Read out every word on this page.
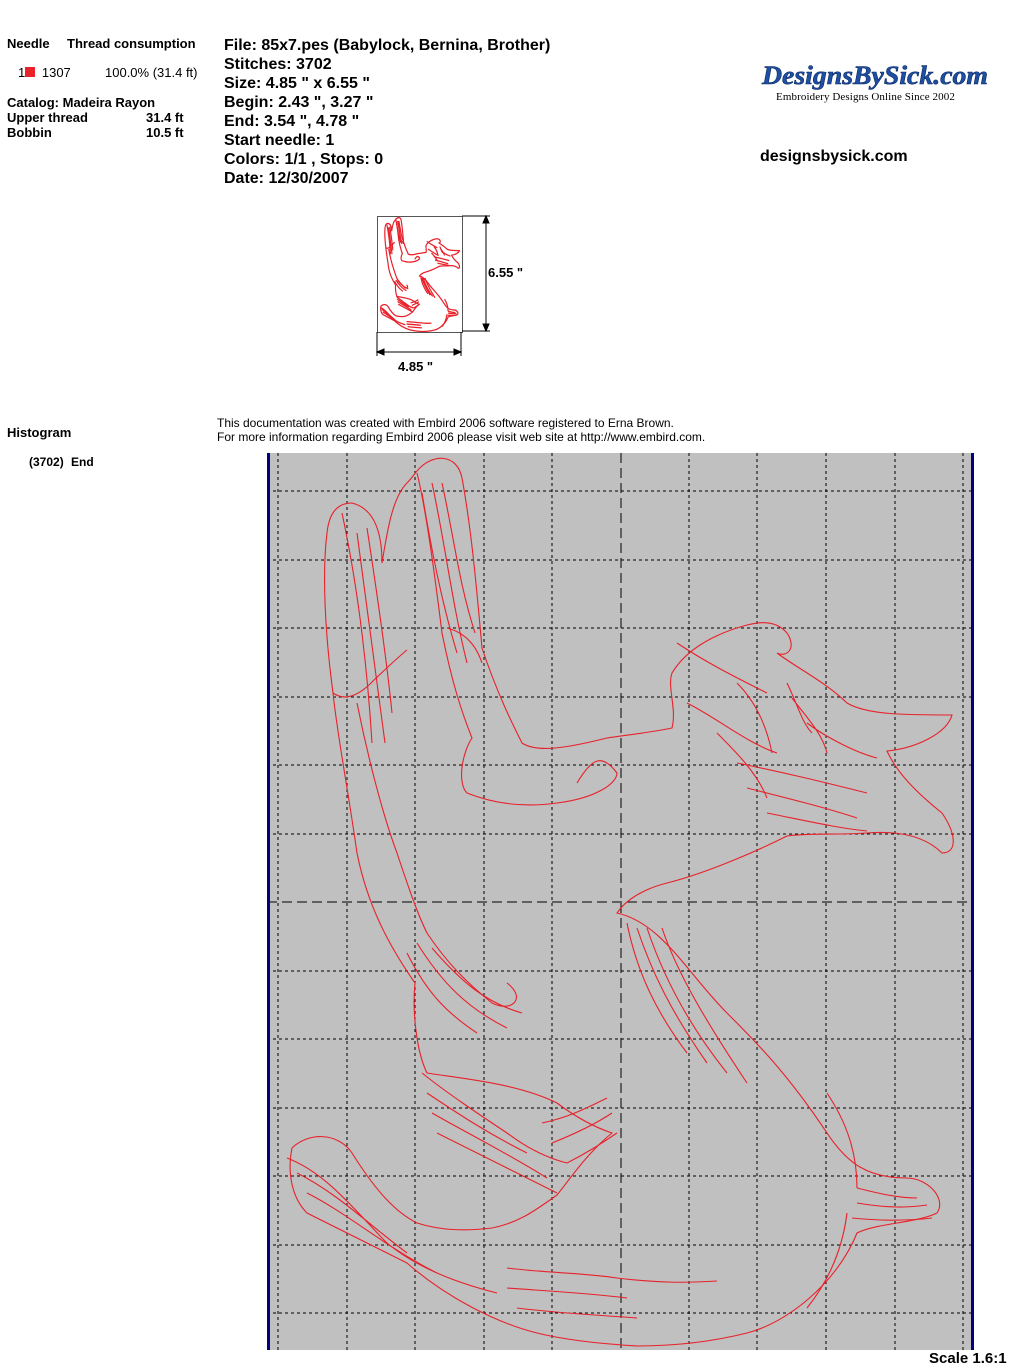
Needle Thread consumption
1 1307	100.0% (31.4 ft)
Catalog: Madeira Rayon
Upper thread	31.4 ft
Bobbin	10.5 ft
Histogram
(3702) End
File: 85x7.pes (Babylock, Bernina, Brother)
Stitches: 3702
Size: 4.85 " x 6.55 "
Begin: 2.43 ", 3.27 "
End: 3.54 ", 4.78 "
Start needle: 1
Colors: 1/1 , Stops: 0
Date: 12/30/2007
DesignsBySick.com
Embroidery Designs Online Since 2002
designsbysick.com
6.55 "
4.85 "
This documentation was created with Embird 2006 software registered to Erna Brown.
For more information regarding Embird 2006 please visit web site at http://www.embird.com.
Scale 1.6:1
